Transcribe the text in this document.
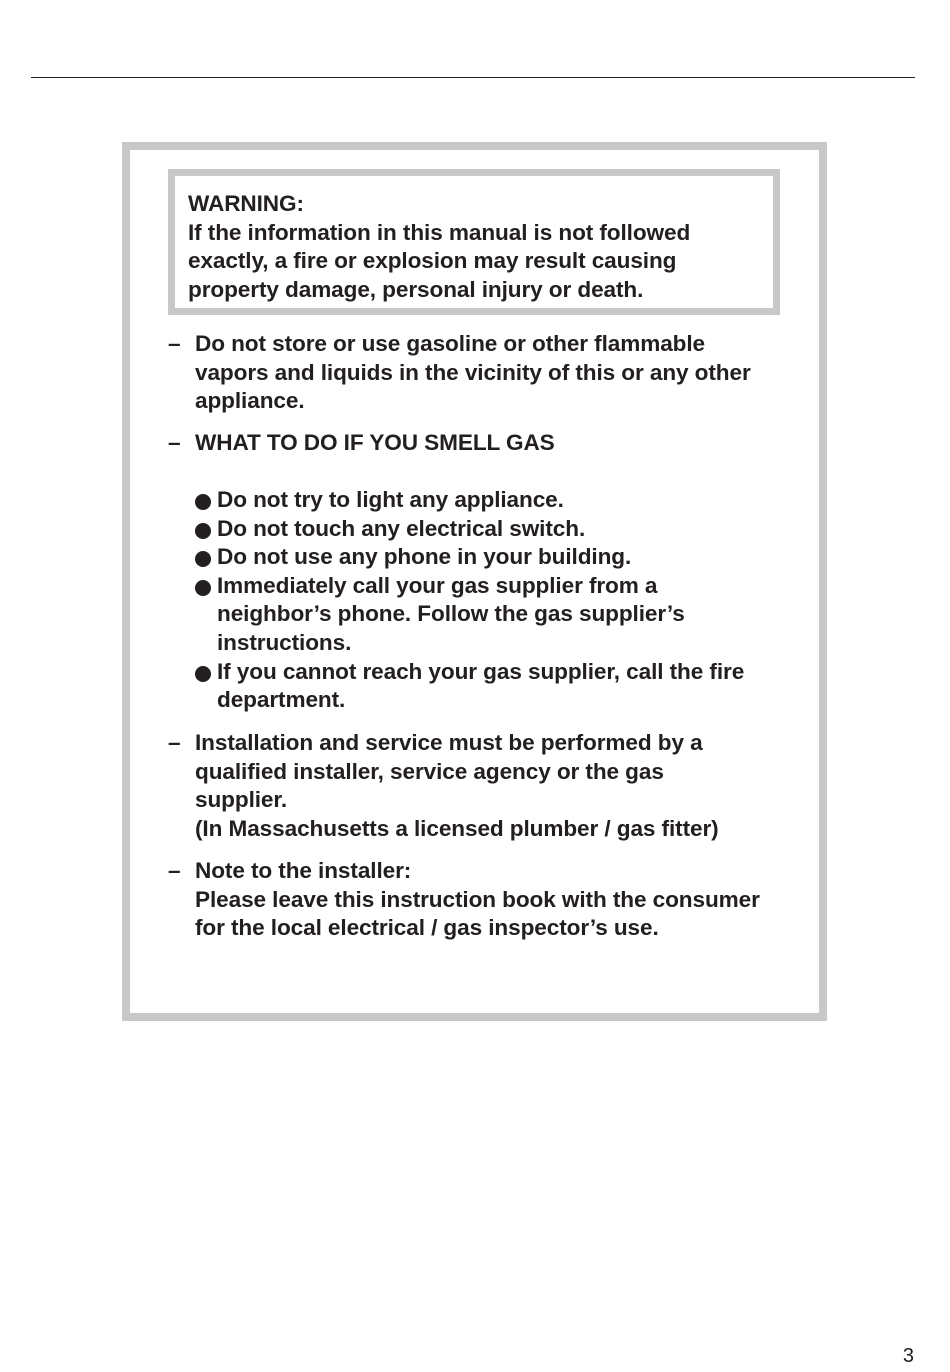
WARNING:
If the information in this manual is not followed exactly, a fire or explosion may result causing property damage, personal injury or death.

– Do not store or use gasoline or other flammable vapors and liquids in the vicinity of this or any other appliance.
– WHAT TO DO IF YOU SMELL GAS
Do not try to light any appliance.
Do not touch any electrical switch.
Do not use any phone in your building.
Immediately call your gas supplier from a neighbor’s phone. Follow the gas supplier’s instructions.
If you cannot reach your gas supplier, call the fire department.
– Installation and service must be performed by a qualified installer, service agency or the gas supplier.
(In Massachusetts a licensed plumber / gas fitter)
– Note to the installer:
Please leave this instruction book with the consumer for the local electrical / gas inspector’s use.
3
